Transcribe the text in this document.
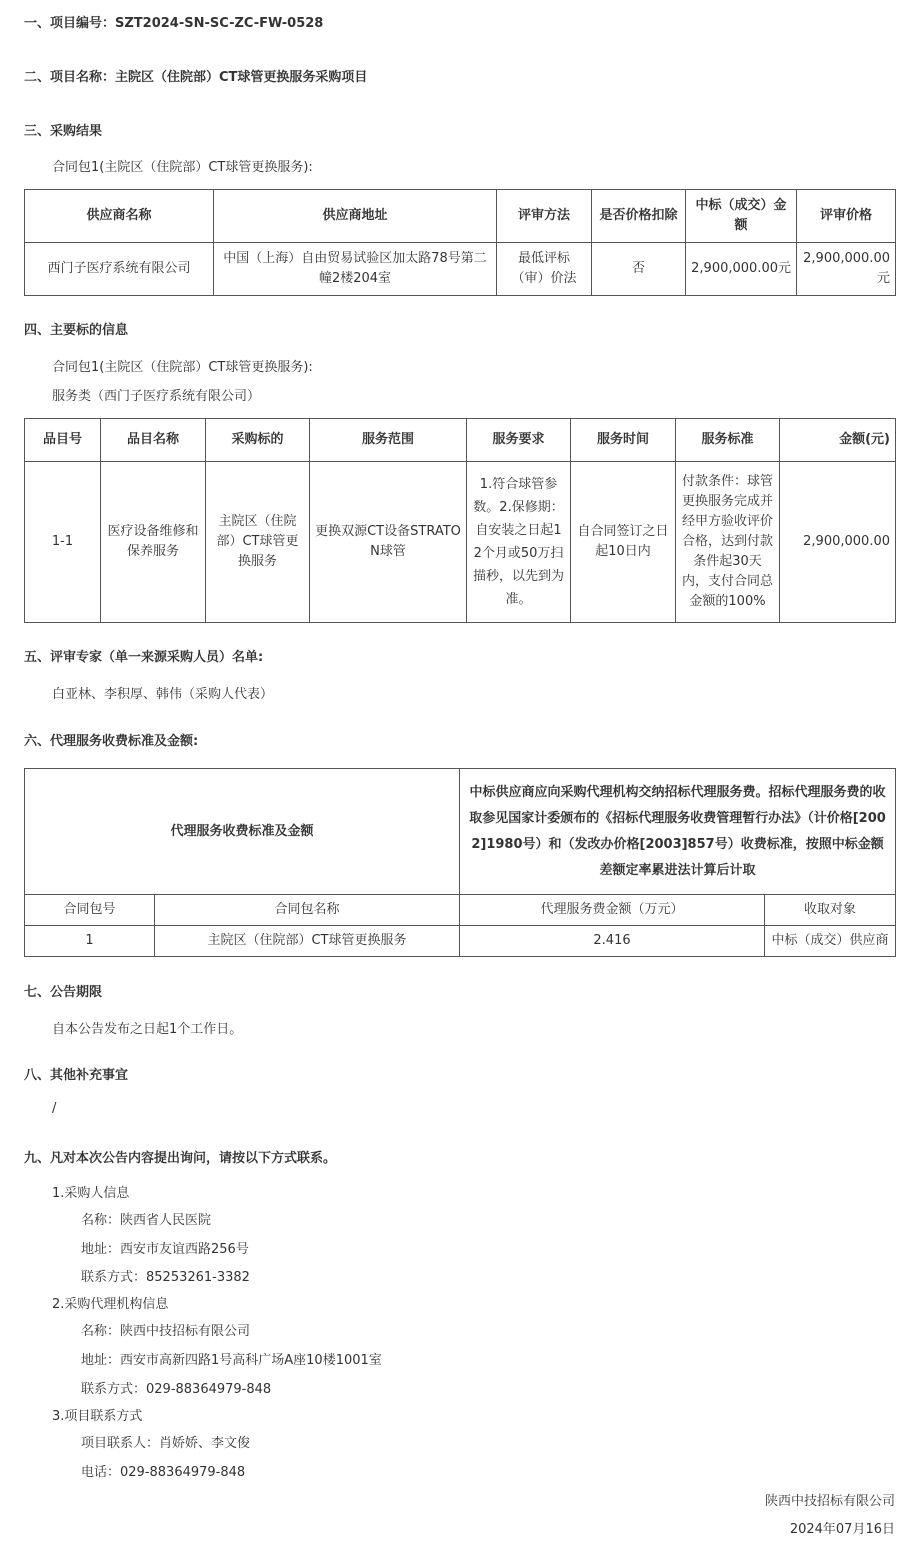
一、项目编号：SZT2024-SN-SC-ZC-FW-0528
二、项目名称：主院区（住院部）CT球管更换服务采购项目
三、采购结果
合同包1(主院区（住院部）CT球管更换服务):
供应商名称	供应商地址	评审方法	是否价格扣除	中标（成交）金额	评审价格
西门子医疗系统有限公司	中国（上海）自由贸易试验区加太路78号第二幢2楼204室	最低评标（审）价法	否	2,900,000.00元	2,900,000.00元
四、主要标的信息
合同包1(主院区（住院部）CT球管更换服务):
服务类（西门子医疗系统有限公司）
品目号	品目名称	采购标的	服务范围	服务要求	服务时间	服务标准	金额(元)
1-1	医疗设备维修和保养服务	主院区（住院部）CT球管更换服务	更换双源CT设备STRATON球管	1.符合球管参数。2.保修期：自安装之日起12个月或50万扫描秒，以先到为准。	自合同签订之日起10日内	付款条件：球管更换服务完成并经甲方验收评价合格，达到付款条件起30天内，支付合同总金额的100%	2,900,000.00
五、评审专家（单一来源采购人员）名单:
白亚林、李积厚、韩伟（采购人代表）
六、代理服务收费标准及金额:
代理服务收费标准及金额		中标供应商应向采购代理机构交纳招标代理服务费。招标代理服务费的收取参见国家计委颁布的《招标代理服务收费管理暂行办法》（计价格[2002]1980号）和（发改办价格[2003]857号）收费标准，按照中标金额差额定率累进法计算后计取	
合同包号	合同包名称	代理服务费金额（万元）	收取对象
1	主院区（住院部）CT球管更换服务	2.416	中标（成交）供应商
七、公告期限
自本公告发布之日起1个工作日。
八、其他补充事宜
/
九、凡对本次公告内容提出询问，请按以下方式联系。
1.采购人信息
名称：陕西省人民医院
地址：西安市友谊西路256号
联系方式：85253261-3382
2.采购代理机构信息
名称：陕西中技招标有限公司
地址：西安市高新四路1号高科广场A座10楼1001室
联系方式：029-88364979-848
3.项目联系方式
项目联系人：肖娇娇、李文俊
电话：029-88364979-848
陕西中技招标有限公司
2024年07月16日
